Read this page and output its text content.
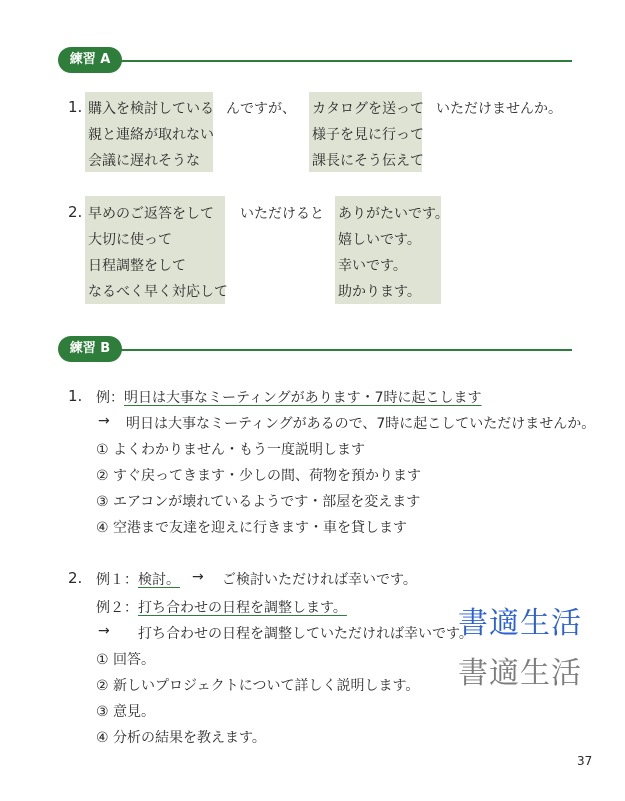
練習 A
1. 購入を検討している
親と連絡が取れない
会議に遅れそうな
んですが、 カタログを送って
様子を見に行って
課長にそう伝えて
いただけませんか。
2. 早めのご返答をして
大切に使って
日程調整をして
なるべく早く対応して
いただけると ありがたいです。
嬉しいです。
幸いです。
助かります。
練習 B
1. 例： 明日は大事なミーティングがあります・7時に起こします
→ 明日は大事なミーティングがあるので、7時に起こしていただけませんか。
① よくわかりません・もう一度説明します
② すぐ戻ってきます・少しの間、荷物を預かります
③ エアコンが壊れているようです・部屋を変えます
④ 空港まで友達を迎えに行きます・車を貸します
2. 例１： 検討。 → ご検討いただければ幸いです。
例２： 打ち合わせの日程を調整します。
→ 打ち合わせの日程を調整していただければ幸いです。
① 回答。
② 新しいプロジェクトについて詳しく説明します。
③ 意見。
④ 分析の結果を教えます。
書適生活
書適生活
37
